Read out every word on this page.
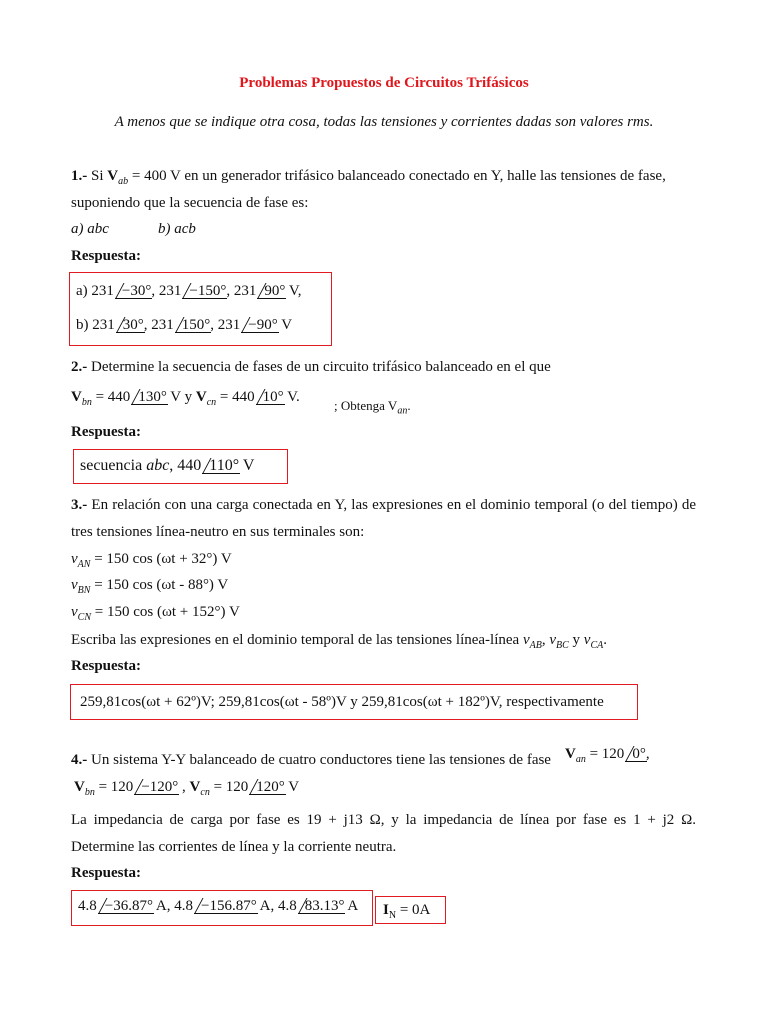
Problemas Propuestos de Circuitos Trifásicos
A menos que se indique otra cosa, todas las tensiones y corrientes dadas son valores rms.
1.- Si $V_{ab} = 400$ V en un generador trifásico balanceado conectado en Y, halle las tensiones de fase,
suponiendo que la secuencia de fase es:
a) abc	b) acb
Respuesta:
a) 231 −30°, 231 −150°, 231 90° V,
b) 231 30°, 231 150°, 231 −90° V
2.- Determine la secuencia de fases de un circuito trifásico balanceado en el que
$V_{bn} = 440$ 130° V y $V_{cn} = 440$ 10° V.
; Obtenga $V_{an}$.
Respuesta:
secuencia abc, 440 110° V
3.- En relación con una carga conectada en Y, las expresiones en el dominio temporal (o del tiempo) de
tres tensiones línea-neutro en sus terminales son:
$v_{AN} = 150$ cos (ωt + 32°) V
$v_{BN} = 150$ cos (ωt - 88°) V
$v_{CN} = 150$ cos (ωt + 152°) V
Escriba las expresiones en el dominio temporal de las tensiones línea-línea $v_{AB}$, $v_{BC}$ y $v_{CA}$.
Respuesta:
259,81cos(ωt + 62º)V; 259,81cos(ωt - 58º)V y 259,81cos(ωt + 182º)V, respectivamente
4.- Un sistema Y-Y balanceado de cuatro conductores tiene las tensiones de fase $V_{an} = 120$ 0°,
$V_{bn} = 120 -120^\circ$ , $V_{cn} = 120$ 120° V
La impedancia de carga por fase es 19 + j13 Ω, y la impedancia de línea por fase es 1 + j2 Ω.
Determine las corrientes de línea y la corriente neutra.
Respuesta:
4.8 −36.87° A, 4.8 −156.87° A, 4.8 83.13° A $I_N = 0A$
